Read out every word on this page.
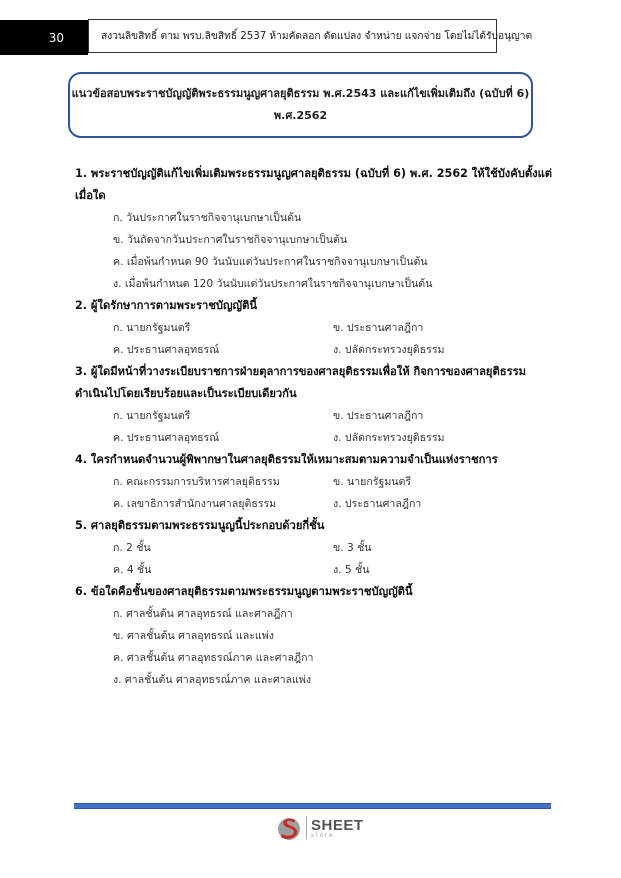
30	สงวนลิขสิทธิ์ ตาม พรบ.ลิขสิทธิ์ 2537 ห้ามคัดลอก ดัดแปลง จำหน่าย แจกจ่าย โดยไม่ได้รับอนุญาต
แนวข้อสอบพระราชบัญญัติพระธรรมนูญศาลยุติธรรม พ.ศ.2543 และแก้ไขเพิ่มเติมถึง (ฉบับที่ 6)
พ.ศ.2562
1. พระราชบัญญัติแก้ไขเพิ่มเติมพระธรรมนูญศาลยุติธรรม (ฉบับที่ 6) พ.ศ. 2562 ให้ใช้บังคับตั้งแต่เมื่อใด
ก. วันประกาศในราชกิจจานุเบกษาเป็นต้น
ข. วันถัดจากวันประกาศในราชกิจจานุเบกษาเป็นต้น
ค. เมื่อพ้นกำหนด 90 วันนับแต่วันประกาศในราชกิจจานุเบกษาเป็นต้น
ง. เมื่อพ้นกำหนด 120 วันนับแต่วันประกาศในราชกิจจานุเบกษาเป็นต้น
2. ผู้ใดรักษาการตามพระราชบัญญัตินี้
ก. นายกรัฐมนตรี	ข. ประธานศาลฎีกา
ค. ประธานศาลอุทธรณ์	ง. ปลัดกระทรวงยุติธรรม
3. ผู้ใดมีหน้าที่วางระเบียบราชการฝ่ายตุลาการของศาลยุติธรรมเพื่อให้ กิจการของศาลยุติธรรมดำเนินไปโดยเรียบร้อยและเป็นระเบียบเดียวกัน
ก. นายกรัฐมนตรี	ข. ประธานศาลฎีกา
ค. ประธานศาลอุทธรณ์	ง. ปลัดกระทรวงยุติธรรม
4. ใครกำหนดจำนวนผู้พิพากษาในศาลยุติธรรมให้เหมาะสมตามความจำเป็นแห่งราชการ
ก. คณะกรรมการบริหารศาลยุติธรรม	ข. นายกรัฐมนตรี
ค. เลขาธิการสำนักงานศาลยุติธรรม	ง. ประธานศาลฎีกา
5. ศาลยุติธรรมตามพระธรรมนูญนี้ประกอบด้วยกี่ชั้น
ก. 2 ชั้น	ข. 3 ชั้น
ค. 4 ชั้น	ง. 5 ชั้น
6. ข้อใดคือชั้นของศาลยุติธรรมตามพระธรรมนูญตามพระราชบัญญัตินี้
ก. ศาลชั้นต้น ศาลอุทธรณ์ และศาลฎีกา
ข. ศาลชั้นต้น ศาลอุทธรณ์ และแพ่ง
ค. ศาลชั้นต้น ศาลอุทธรณ์ภาค และศาลฎีกา
ง. ศาลชั้นต้น ศาลอุทธรณ์ภาค และศาลแพ่ง
SHEET
store
